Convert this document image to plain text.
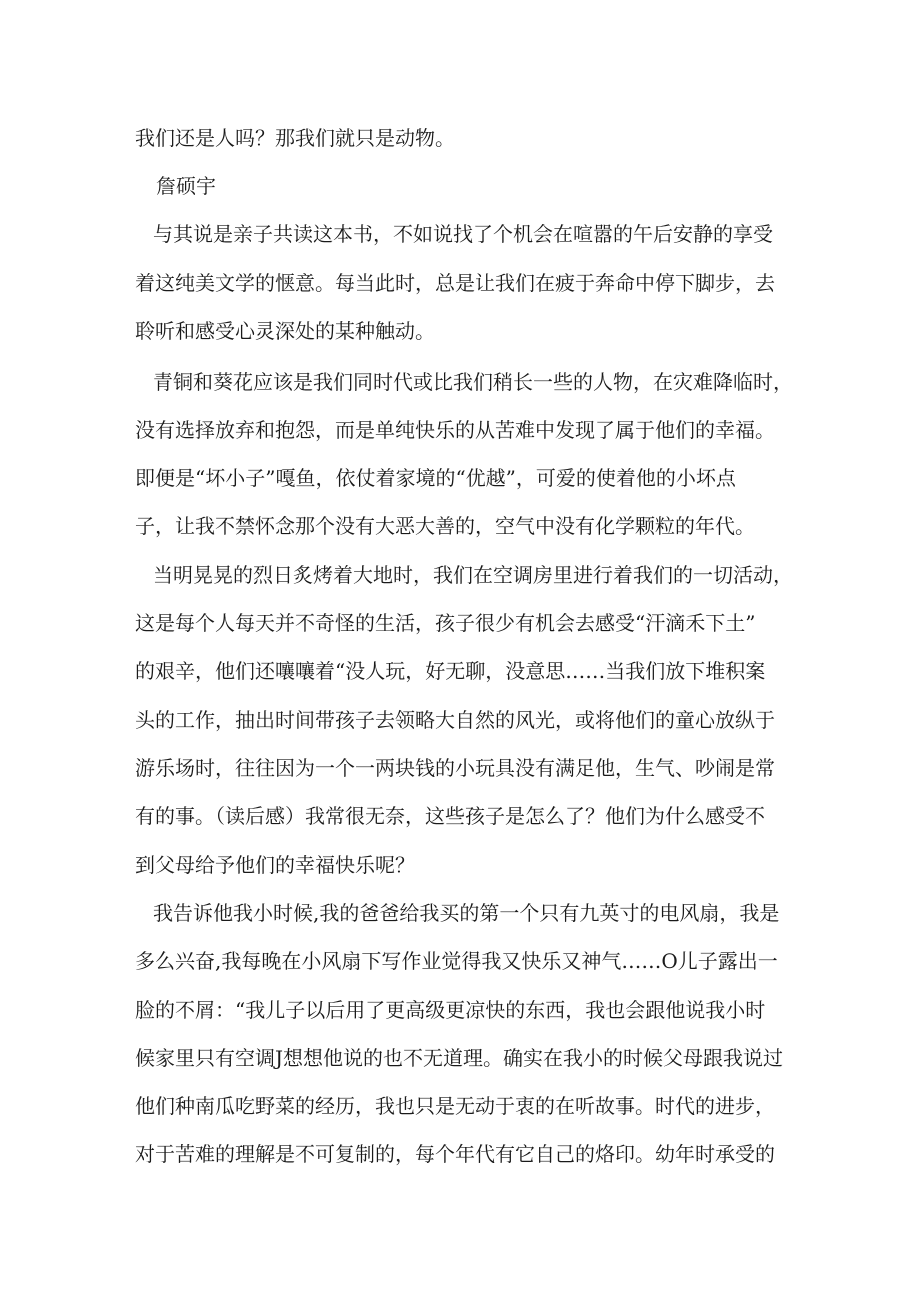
我们还是人吗？那我们就只是动物。
詹硕宇
与其说是亲子共读这本书，不如说找了个机会在喧嚣的午后安静的享受
着这纯美文学的惬意。每当此时，总是让我们在疲于奔命中停下脚步，去
聆听和感受心灵深处的某种触动。
青铜和葵花应该是我们同时代或比我们稍长一些的人物，在灾难降临时，
没有选择放弃和抱怨，而是单纯快乐的从苦难中发现了属于他们的幸福。
即便是“坏小子”嘎鱼，依仗着家境的“优越”，可爱的使着他的小坏点
子，让我不禁怀念那个没有大恶大善的，空气中没有化学颗粒的年代。
当明晃晃的烈日炙烤着大地时，我们在空调房里进行着我们的一切活动，
这是每个人每天并不奇怪的生活，孩子很少有机会去感受“汗滴禾下土”
的艰辛，他们还嚷嚷着“没人玩，好无聊，没意思……当我们放下堆积案
头的工作，抽出时间带孩子去领略大自然的风光，或将他们的童心放纵于
游乐场时，往往因为一个一两块钱的小玩具没有满足他，生气、吵闹是常
有的事。（读后感）我常很无奈，这些孩子是怎么了？他们为什么感受不
到父母给予他们的幸福快乐呢？
我告诉他我小时候,我的爸爸给我买的第一个只有九英寸的电风扇，我是
多么兴奋,我每晚在小风扇下写作业觉得我又快乐又神气……O儿子露出一
脸的不屑：“我儿子以后用了更高级更凉快的东西，我也会跟他说我小时
候家里只有空调J想想他说的也不无道理。确实在我小的时候父母跟我说过
他们种南瓜吃野菜的经历，我也只是无动于衷的在听故事。时代的进步，
对于苦难的理解是不可复制的，每个年代有它自己的烙印。幼年时承受的
